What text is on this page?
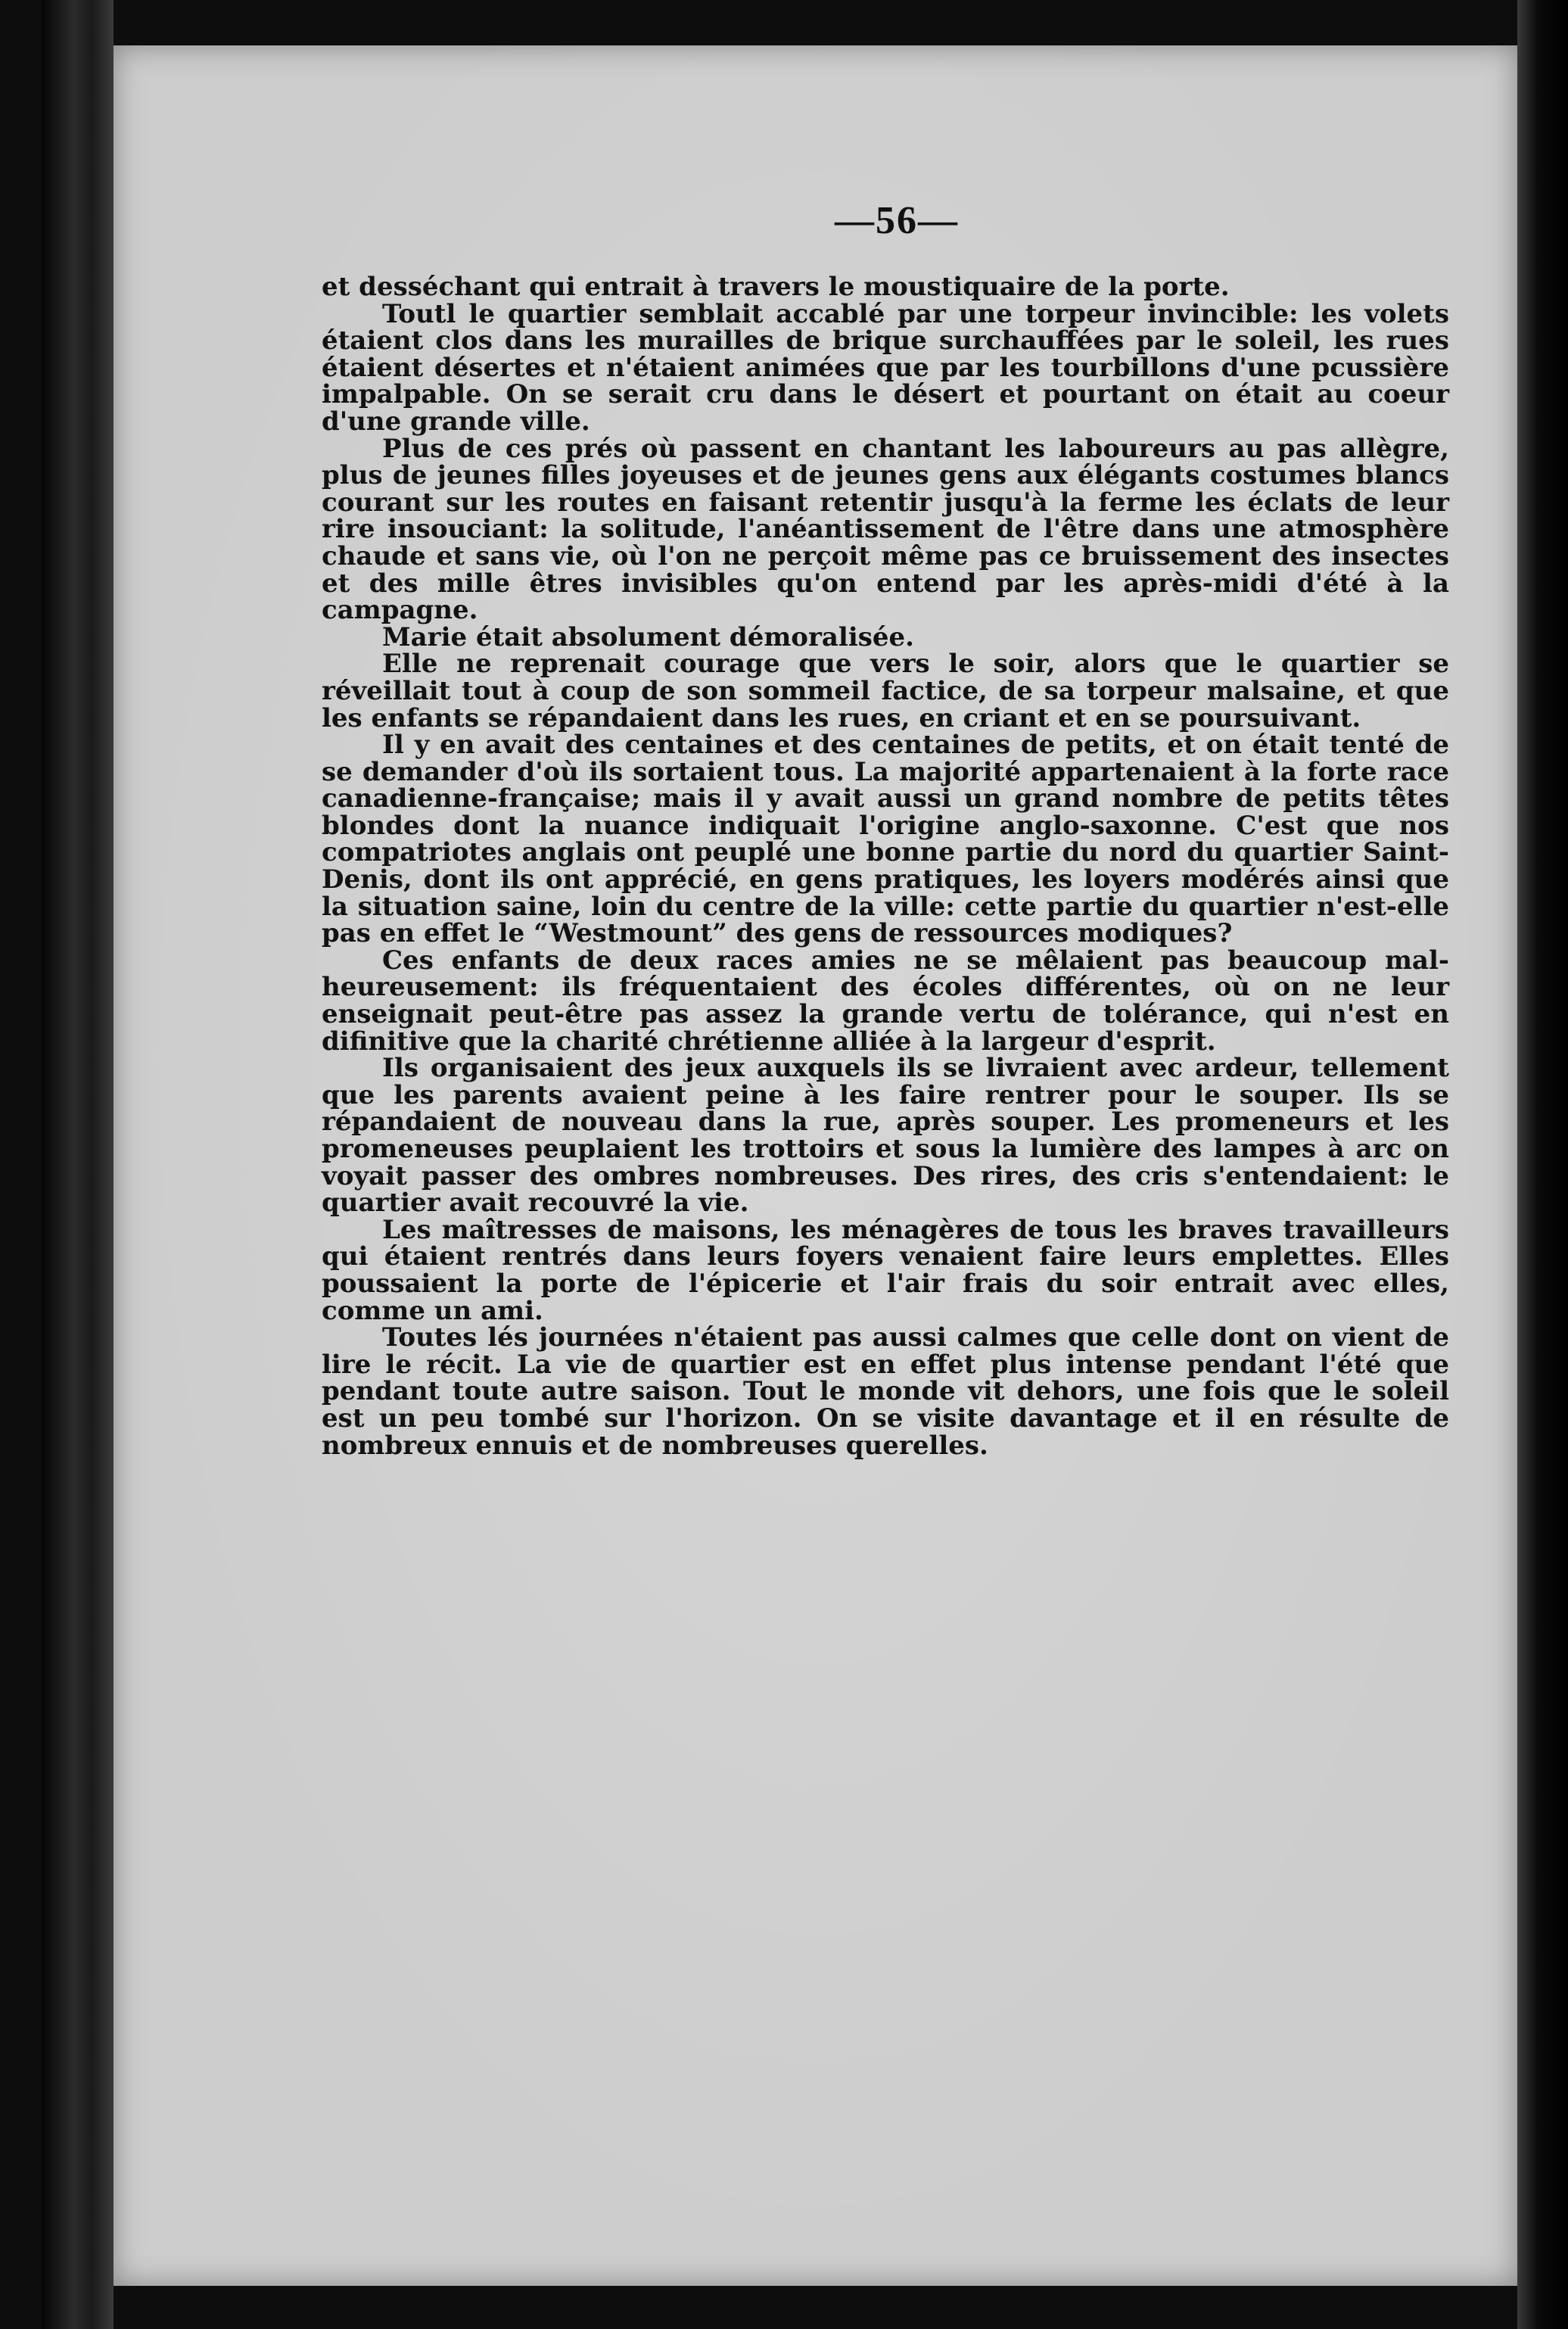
—56—

et desséchant qui entrait à travers le moustiquaire de la porte.

Toutl le quartier semblait accablé par une torpeur invincible: les volets étaient clos dans les murailles de brique surchauffées par le soleil, les rues étaient désertes et n'étaient animées que par les tourbillons d'une pcussière impalpable. On se serait cru dans le désert et pourtant on était au coeur d'une grande ville.

Plus de ces prés où passent en chantant les laboureurs au pas allègre, plus de jeunes filles joyeuses et de jeunes gens aux élégants costumes blancs courant sur les routes en faisant retentir jusqu'à la ferme les éclats de leur rire insouciant: la solitude, l'anéantissement de l'être dans une atmosphère chaude et sans vie, où l'on ne perçoit même pas ce bruissement des insectes et des mille êtres invisibles qu'on entend par les après-midi d'été à la campagne.

Marie était absolument démoralisée.

Elle ne reprenait courage que vers le soir, alors que le quartier se réveillait tout à coup de son sommeil factice, de sa torpeur malsaine, et que les enfants se répandaient dans les rues, en criant et en se poursuivant.

Il y en avait des centaines et des centaines de petits, et on était tenté de se demander d'où ils sortaient tous. La majorité appartenaient à la forte race canadienne-française; mais il y avait aussi un grand nombre de petits têtes blondes dont la nuance indiquait l'origine anglo-saxonne. C'est que nos compatriotes anglais ont peuplé une bonne partie du nord du quartier Saint-Denis, dont ils ont apprécié, en gens pratiques, les loyers modérés ainsi que la situation saine, loin du centre de la ville: cette partie du quartier n'est-elle pas en effet le “Westmount” des gens de ressources modiques?

Ces enfants de deux races amies ne se mêlaient pas beaucoup malheureusement: ils fréquentaient des écoles différentes, où on ne leur enseignait peut-être pas assez la grande vertu de tolérance, qui n'est en difinitive que la charité chrétienne alliée à la largeur d'esprit.

Ils organisaient des jeux auxquels ils se livraient avec ardeur, tellement que les parents avaient peine à les faire rentrer pour le souper. Ils se répandaient de nouveau dans la rue, après souper. Les promeneurs et les promeneuses peuplaient les trottoirs et sous la lumière des lampes à arc on voyait passer des ombres nombreuses. Des rires, des cris s'entendaient: le quartier avait recouvré la vie.

Les maîtresses de maisons, les ménagères de tous les braves travailleurs qui étaient rentrés dans leurs foyers venaient faire leurs emplettes. Elles poussaient la porte de l'épicerie et l'air frais du soir entrait avec elles, comme un ami.

Toutes lés journées n'étaient pas aussi calmes que celle dont on vient de lire le récit. La vie de quartier est en effet plus intense pendant l'été que pendant toute autre saison. Tout le monde vit dehors, une fois que le soleil est un peu tombé sur l'horizon. On se visite davantage et il en résulte de nombreux ennuis et de nombreuses querelles.
